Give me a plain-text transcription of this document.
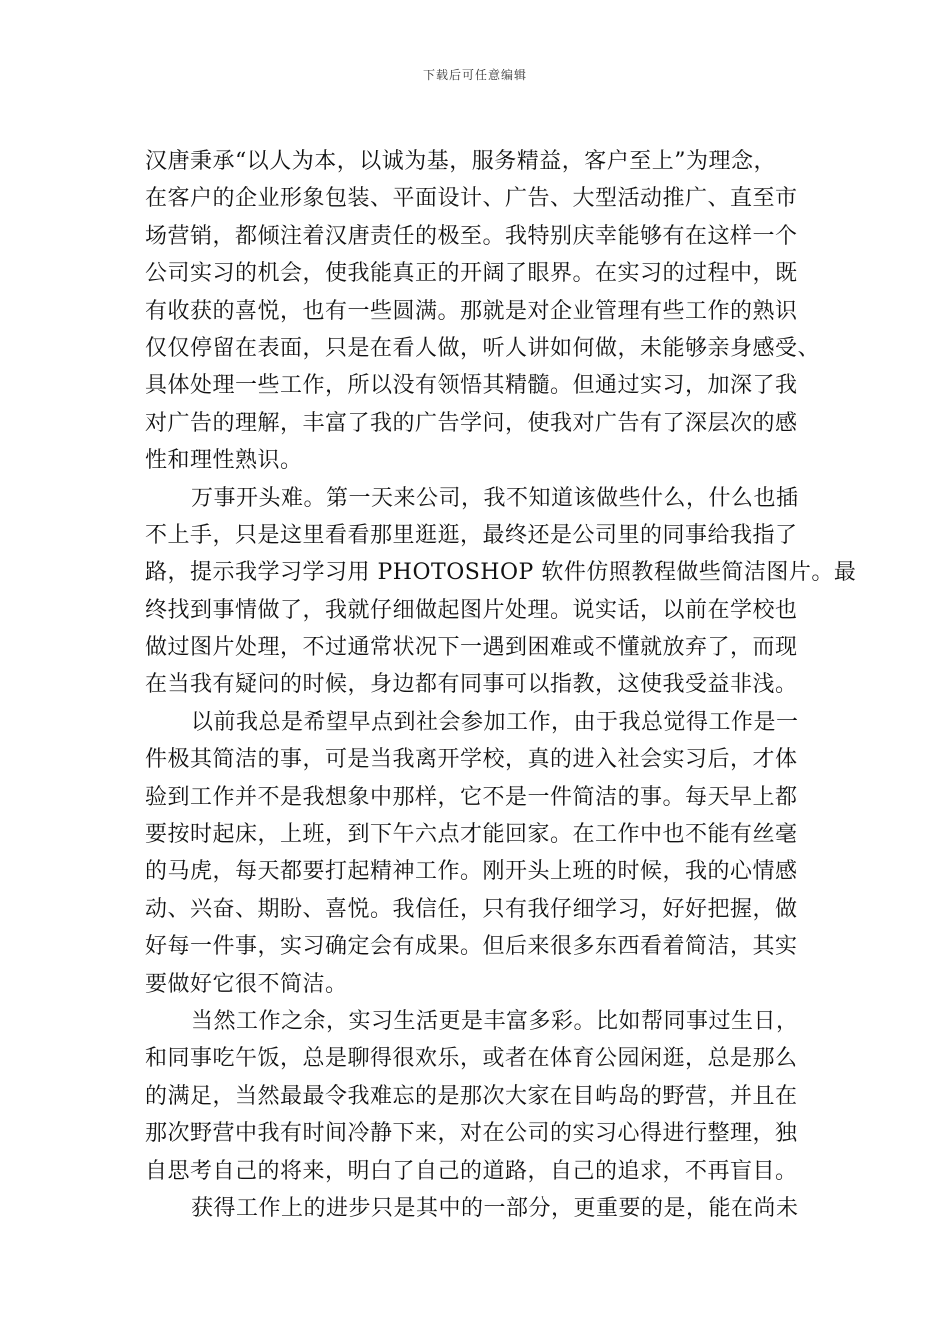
下载后可任意编辑
汉唐秉承“以人为本，以诚为基，服务精益，客户至上”为理念，
在客户的企业形象包装、平面设计、广告、大型活动推广、直至市
场营销，都倾注着汉唐责任的极至。我特别庆幸能够有在这样一个
公司实习的机会，使我能真正的开阔了眼界。在实习的过程中，既
有收获的喜悦，也有一些圆满。那就是对企业管理有些工作的熟识
仅仅停留在表面，只是在看人做，听人讲如何做，未能够亲身感受、
具体处理一些工作，所以没有领悟其精髓。但通过实习，加深了我
对广告的理解，丰富了我的广告学问，使我对广告有了深层次的感
性和理性熟识。
万事开头难。第一天来公司，我不知道该做些什么，什么也插
不上手，只是这里看看那里逛逛，最终还是公司里的同事给我指了
路，提示我学习学习用 PHOTOSHOP 软件仿照教程做些简洁图片。最
终找到事情做了，我就仔细做起图片处理。说实话，以前在学校也
做过图片处理，不过通常状况下一遇到困难或不懂就放弃了，而现
在当我有疑问的时候，身边都有同事可以指教，这使我受益非浅。
以前我总是希望早点到社会参加工作，由于我总觉得工作是一
件极其简洁的事，可是当我离开学校，真的进入社会实习后，才体
验到工作并不是我想象中那样，它不是一件简洁的事。每天早上都
要按时起床，上班，到下午六点才能回家。在工作中也不能有丝毫
的马虎，每天都要打起精神工作。刚开头上班的时候，我的心情感
动、兴奋、期盼、喜悦。我信任，只有我仔细学习，好好把握，做
好每一件事，实习确定会有成果。但后来很多东西看着简洁，其实
要做好它很不简洁。
当然工作之余，实习生活更是丰富多彩。比如帮同事过生日，
和同事吃午饭，总是聊得很欢乐，或者在体育公园闲逛，总是那么
的满足，当然最最令我难忘的是那次大家在目屿岛的野营，并且在
那次野营中我有时间冷静下来，对在公司的实习心得进行整理，独
自思考自己的将来，明白了自己的道路，自己的追求，不再盲目。
获得工作上的进步只是其中的一部分，更重要的是，能在尚未
